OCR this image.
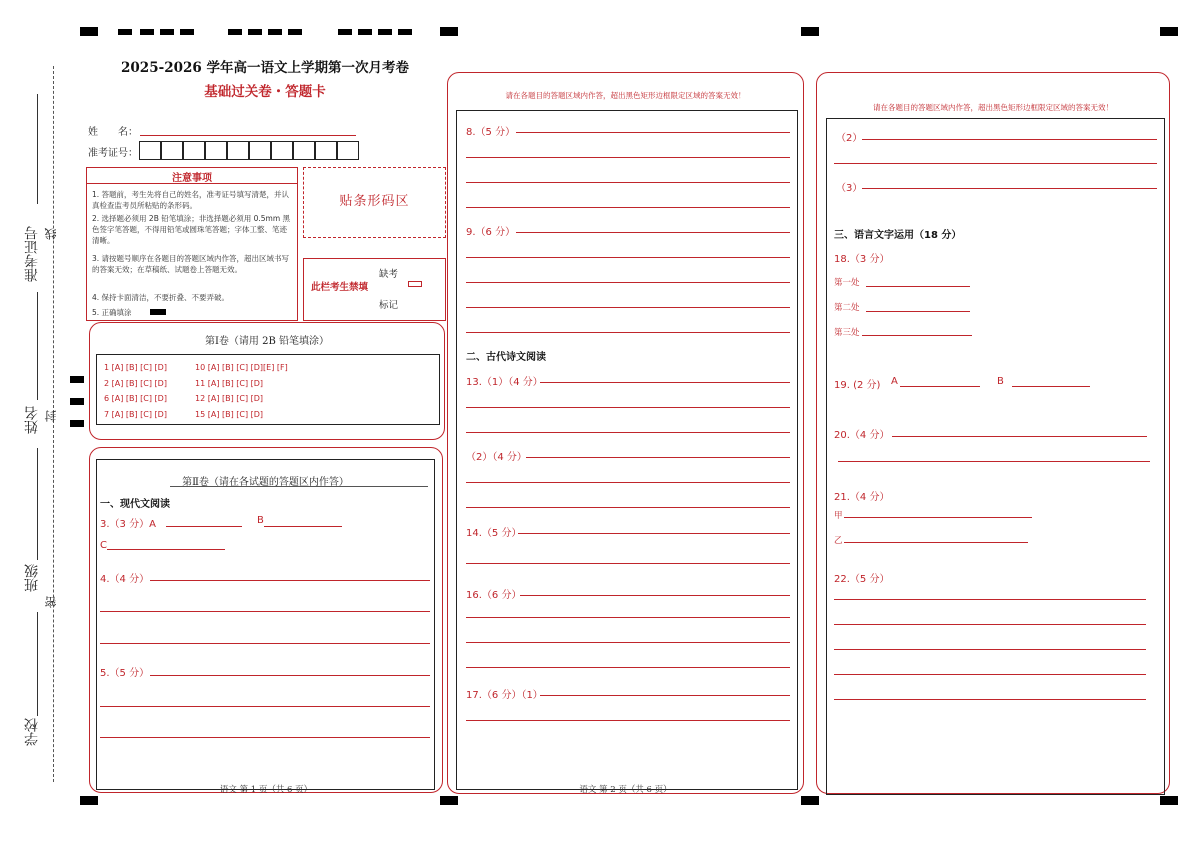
准考证号 线
姓名 封
班级
密
学校
2025-2026 学年高一语文上学期第一次月考卷
基础过关卷・答题卡
姓　　名：
准考证号：
注意事项
1. 答题前，考生先将自己的姓名，准考证号填写清楚，并认真检查监考员所粘贴的条形码。
2. 选择题必须用 2B 铅笔填涂；非选择题必须用 0.5mm 黑色签字笔答题，不得用铅笔或圆珠笔答题；字体工整、笔迹清晰。
3. 请按题号顺序在各题目的答题区域内作答，超出区域书写的答案无效；在草稿纸、试题卷上答题无效。
4. 保持卡面清洁，不要折叠、不要弄破。
5. 正确填涂
贴条形码区
此栏考生禁填
缺考
标记
第Ⅰ卷（请用 2B 铅笔填涂）
1 [A] [B] [C] [D]
2 [A] [B] [C] [D]
6 [A] [B] [C] [D]
7 [A] [B] [C] [D]
10 [A] [B] [C] [D][E] [F]
11 [A] [B] [C] [D]
12 [A] [B] [C] [D]
15 [A] [B] [C] [D]
第Ⅱ卷（请在各试题的答题区内作答）
一、现代文阅读
3.（3 分）A	B
C
4.（4 分）
5.（5 分）
语文 第 1 页（共 6 页）
请在各题目的答题区域内作答，超出黑色矩形边框限定区域的答案无效！
8.（5 分）
9.（6 分）
二、古代诗文阅读
13.（1）（4 分）
（2）（4 分）
14.（5 分）
16.（6 分）
17.（6 分）（1）
语文 第 2 页（共 6 页）
请在各题目的答题区域内作答，超出黑色矩形边框限定区域的答案无效！
（2）
（3）
三、语言文字运用（18 分）
18.（3 分）
第一处
第二处
第三处
19. (2 分) A	B
20.（4 分）
21.（4 分）
甲
乙
22.（5 分）
